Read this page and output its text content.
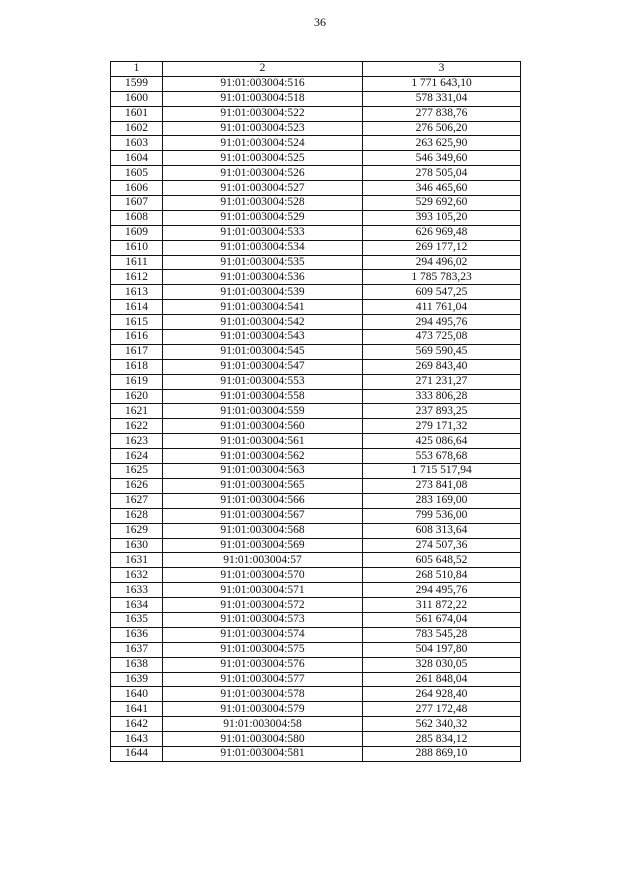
36
1	2	3
1599	91:01:003004:516	1 771 643,10
1600	91:01:003004:518	578 331,04
1601	91:01:003004:522	277 838,76
1602	91:01:003004:523	276 506,20
1603	91:01:003004:524	263 625,90
1604	91:01:003004:525	546 349,60
1605	91:01:003004:526	278 505,04
1606	91:01:003004:527	346 465,60
1607	91:01:003004:528	529 692,60
1608	91:01:003004:529	393 105,20
1609	91:01:003004:533	626 969,48
1610	91:01:003004:534	269 177,12
1611	91:01:003004:535	294 496,02
1612	91:01:003004:536	1 785 783,23
1613	91:01:003004:539	609 547,25
1614	91:01:003004:541	411 761,04
1615	91:01:003004:542	294 495,76
1616	91:01:003004:543	473 725,08
1617	91:01:003004:545	569 590,45
1618	91:01:003004:547	269 843,40
1619	91:01:003004:553	271 231,27
1620	91:01:003004:558	333 806,28
1621	91:01:003004:559	237 893,25
1622	91:01:003004:560	279 171,32
1623	91:01:003004:561	425 086,64
1624	91:01:003004:562	553 678,68
1625	91:01:003004:563	1 715 517,94
1626	91:01:003004:565	273 841,08
1627	91:01:003004:566	283 169,00
1628	91:01:003004:567	799 536,00
1629	91:01:003004:568	608 313,64
1630	91:01:003004:569	274 507,36
1631	91:01:003004:57	605 648,52
1632	91:01:003004:570	268 510,84
1633	91:01:003004:571	294 495,76
1634	91:01:003004:572	311 872,22
1635	91:01:003004:573	561 674,04
1636	91:01:003004:574	783 545,28
1637	91:01:003004:575	504 197,80
1638	91:01:003004:576	328 030,05
1639	91:01:003004:577	261 848,04
1640	91:01:003004:578	264 928,40
1641	91:01:003004:579	277 172,48
1642	91:01:003004:58	562 340,32
1643	91:01:003004:580	285 834,12
1644	91:01:003004:581	288 869,10
